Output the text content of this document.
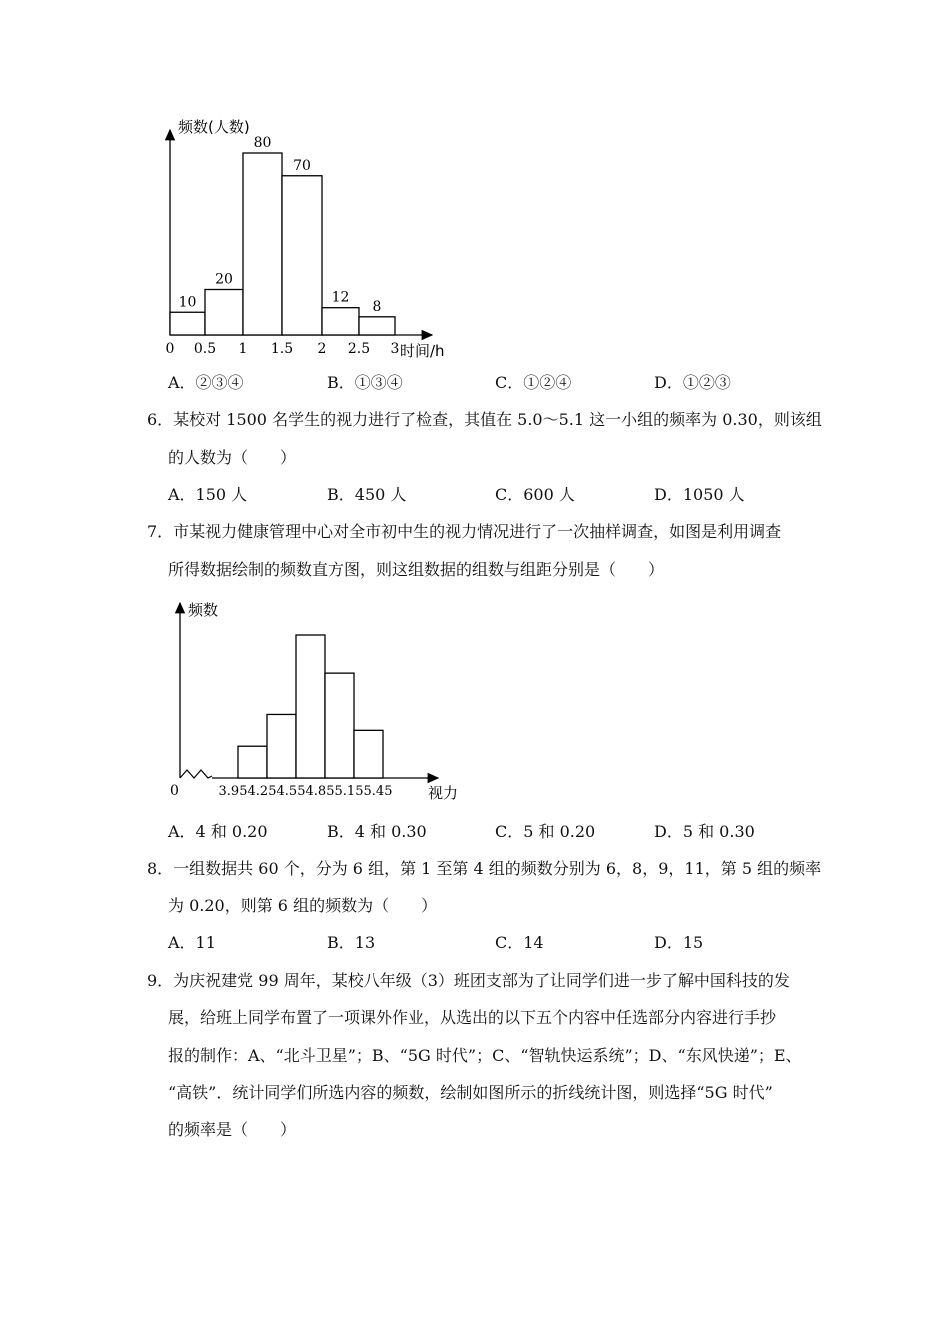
10
20
80
70
12
8
0 0.5 1 1.5 2 2.5 3
频数(人数)
时间/h
A．②③④	B．①③④	C．①②④	D．①②③
6．某校对 1500 名学生的视力进行了检查，其值在 5.0～5.1 这一小组的频率为 0.30，则该组
的人数为（　　）
A．150 人	B．450 人	C．600 人	D．1050 人
7．市某视力健康管理中心对全市初中生的视力情况进行了一次抽样调查，如图是利用调查
所得数据绘制的频数直方图，则这组数据的组数与组距分别是（　　）
3.95 4.25 4.55 4.85 5.15 5.45
0
频数
视力
A．4 和 0.20	B．4 和 0.30	C．5 和 0.20	D．5 和 0.30
8．一组数据共 60 个，分为 6 组，第 1 至第 4 组的频数分别为 6，8，9，11，第 5 组的频率
为 0.20，则第 6 组的频数为（　　）
A．11	B．13	C．14	D．15
9．为庆祝建党 99 周年，某校八年级（3）班团支部为了让同学们进一步了解中国科技的发
展，给班上同学布置了一项课外作业，从选出的以下五个内容中任选部分内容进行手抄
报的制作：A、“北斗卫星”；B、“5G 时代”；C、“智轨快运系统”；D、“东风快递”；E、
“高铁”．统计同学们所选内容的频数，绘制如图所示的折线统计图，则选择“5G 时代”
的频率是（　　）
